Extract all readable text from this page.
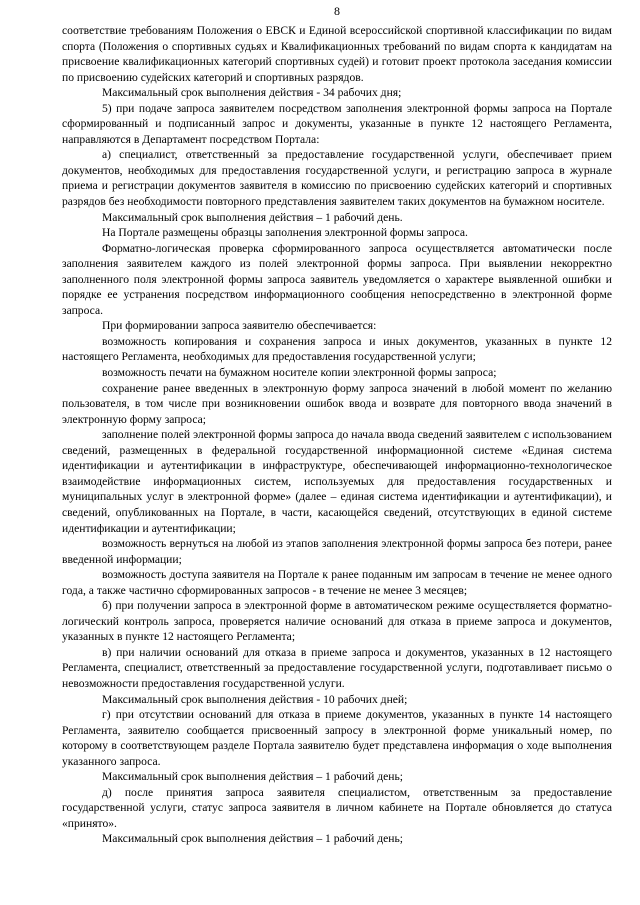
8

соответствие требованиям Положения о ЕВСК и Единой всероссийской спортивной классификации по видам спорта (Положения о спортивных судьях и Квалификационных требований по видам спорта к кандидатам на присвоение квалификационных категорий спортивных судей) и готовит проект протокола заседания комиссии по присвоению судейских категорий и спортивных разрядов.

Максимальный срок выполнения действия - 34 рабочих дня;

5) при подаче запроса заявителем посредством заполнения электронной формы запроса на Портале сформированный и подписанный запрос и документы, указанные в пункте 12 настоящего Регламента, направляются в Департамент посредством Портала:

а) специалист, ответственный за предоставление государственной услуги, обеспечивает прием документов, необходимых для предоставления государственной услуги, и регистрацию запроса в журнале приема и регистрации документов заявителя в комиссию по присвоению судейских категорий и спортивных разрядов без необходимости повторного представления заявителем таких документов на бумажном носителе.

Максимальный срок выполнения действия – 1 рабочий день.

На Портале размещены образцы заполнения электронной формы запроса.

Форматно-логическая проверка сформированного запроса осуществляется автоматически после заполнения заявителем каждого из полей электронной формы запроса. При выявлении некорректно заполненного поля электронной формы запроса заявитель уведомляется о характере выявленной ошибки и порядке ее устранения посредством информационного сообщения непосредственно в электронной форме запроса.

При формировании запроса заявителю обеспечивается:

возможность копирования и сохранения запроса и иных документов, указанных в пункте 12 настоящего Регламента, необходимых для предоставления государственной услуги;

возможность печати на бумажном носителе копии электронной формы запроса;

сохранение ранее введенных в электронную форму запроса значений в любой момент по желанию пользователя, в том числе при возникновении ошибок ввода и возврате для повторного ввода значений в электронную форму запроса;

заполнение полей электронной формы запроса до начала ввода сведений заявителем с использованием сведений, размещенных в федеральной государственной информационной системе «Единая система идентификации и аутентификации в инфраструктуре, обеспечивающей информационно-технологическое взаимодействие информационных систем, используемых для предоставления государственных и муниципальных услуг в электронной форме» (далее – единая система идентификации и аутентификации), и сведений, опубликованных на Портале, в части, касающейся сведений, отсутствующих в единой системе идентификации и аутентификации;

возможность вернуться на любой из этапов заполнения электронной формы запроса без потери, ранее введенной информации;

возможность доступа заявителя на Портале к ранее поданным им запросам в течение не менее одного года, а также частично сформированных запросов - в течение не менее 3 месяцев;

б) при получении запроса в электронной форме в автоматическом режиме осуществляется форматно-логический контроль запроса, проверяется наличие оснований для отказа в приеме запроса и документов, указанных в пункте 12 настоящего Регламента;

в) при наличии оснований для отказа в приеме запроса и документов, указанных в 12 настоящего Регламента, специалист, ответственный за предоставление государственной услуги, подготавливает письмо о невозможности предоставления государственной услуги.

Максимальный срок выполнения действия - 10 рабочих дней;

г) при отсутствии оснований для отказа в приеме документов, указанных в пункте 14 настоящего Регламента, заявителю сообщается присвоенный запросу в электронной форме уникальный номер, по которому в соответствующем разделе Портала заявителю будет представлена информация о ходе выполнения указанного запроса.

Максимальный срок выполнения действия – 1 рабочий день;

д) после принятия запроса заявителя специалистом, ответственным за предоставление государственной услуги, статус запроса заявителя в личном кабинете на Портале обновляется до статуса «принято».

Максимальный срок выполнения действия – 1 рабочий день;
